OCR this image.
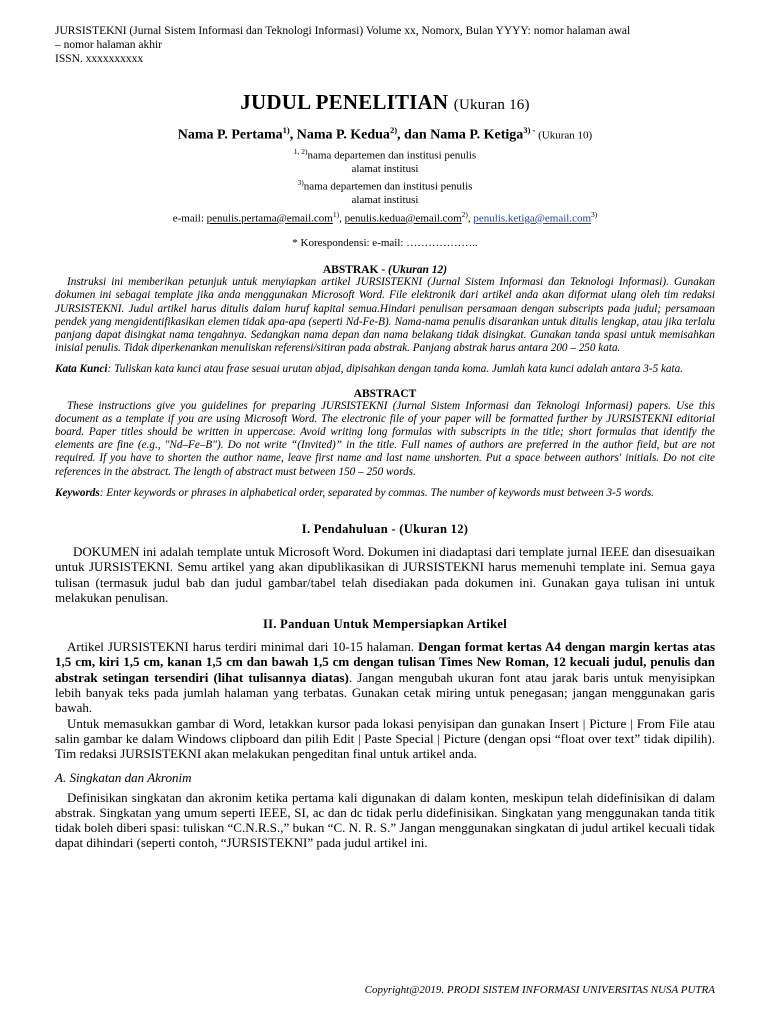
JURSISTEKNI (Jurnal Sistem Informasi dan Teknologi Informasi) Volume xx, Nomorx, Bulan YYYY: nomor halaman awal
– nomor halaman akhir
ISSN. xxxxxxxxxx
JUDUL PENELITIAN (Ukuran 16)
Nama P. Pertama$^{1)}$, Nama P. Kedua$^{2)}$, dan Nama P. Ketiga$^{3)}$ - (Ukuran 10)
$^{1, 2)}$nama departemen dan institusi penulis
alamat institusi
$^{3)}$nama departemen dan institusi penulis
alamat institusi
e-mail: penulis.pertama@email.com$^{1)}$, penulis.kedua@email.com$^{2)}$, penulis.ketiga@email.com$^{3)}$
* Korespondensi: e-mail: ………………..
ABSTRAK - (Ukuran 12)

Instruksi ini memberikan petunjuk untuk menyiapkan artikel JURSISTEKNI (Jurnal Sistem Informasi dan Teknologi Informasi). Gunakan dokumen ini sebagai template jika anda menggunakan Microsoft Word. File elektronik dari artikel anda akan diformat ulang oleh tim redaksi JURSISTEKNI. Judul artikel harus ditulis dalam huruf kapital semua.Hindari penulisan persamaan dengan subscripts pada judul; persamaan pendek yang mengidentifikasikan elemen tidak apa-apa (seperti Nd-Fe-B). Nama-nama penulis disarankan untuk ditulis lengkap, atau jika terlalu panjang dapat disingkat nama tengahnya. Sedangkan nama depan dan nama belakang tidak disingkat. Gunakan tanda spasi untuk memisahkan inisial penulis. Tidak diperkenankan menuliskan referensi/sitiran pada abstrak. Panjang abstrak harus antara 200 – 250 kata.

Kata Kunci: Tuliskan kata kunci atau frase sesuai urutan abjad, dipisahkan dengan tanda koma. Jumlah kata kunci adalah antara 3-5 kata.

ABSTRACT

These instructions give you guidelines for preparing JURSISTEKNI (Jurnal Sistem Informasi dan Teknologi Informasi) papers. Use this document as a template if you are using Microsoft Word. The electronic file of your paper will be formatted further by JURSISTEKNI editorial board. Paper titles should be written in uppercase. Avoid writing long formulas with subscripts in the title; short formulas that identify the elements are fine (e.g., "Nd–Fe–B"). Do not write “(Invited)” in the title. Full names of authors are preferred in the author field, but are not required. If you have to shorten the author name, leave first name and last name unshorten. Put a space between authors' initials. Do not cite references in the abstract. The length of abstract must between 150 – 250 words.

Keywords: Enter keywords or phrases in alphabetical order, separated by commas. The number of keywords must between 3-5 words.

I. Pendahuluan - (Ukuran 12)

DOKUMEN ini adalah template untuk Microsoft Word. Dokumen ini diadaptasi dari template jurnal IEEE dan disesuaikan untuk JURSISTEKNI. Semu artikel yang akan dipublikasikan di JURSISTEKNI harus memenuhi template ini. Semua gaya tulisan (termasuk judul bab dan judul gambar/tabel telah disediakan pada dokumen ini. Gunakan gaya tulisan ini untuk melakukan penulisan.

II. Panduan Untuk Mempersiapkan Artikel

Artikel JURSISTEKNI harus terdiri minimal dari 10-15 halaman. Dengan format kertas A4 dengan margin kertas atas 1,5 cm, kiri 1,5 cm, kanan 1,5 cm dan bawah 1,5 cm dengan tulisan Times New Roman, 12 kecuali judul, penulis dan abstrak setingan tersendiri (lihat tulisannya diatas). Jangan mengubah ukuran font atau jarak baris untuk menyisipkan lebih banyak teks pada jumlah halaman yang terbatas. Gunakan cetak miring untuk penegasan; jangan menggunakan garis bawah.

Untuk memasukkan gambar di Word, letakkan kursor pada lokasi penyisipan dan gunakan Insert | Picture | From File atau salin gambar ke dalam Windows clipboard dan pilih Edit | Paste Special | Picture (dengan opsi “float over text” tidak dipilih). Tim redaksi JURSISTEKNI akan melakukan pengeditan final untuk artikel anda.

A. Singkatan dan Akronim

Definisikan singkatan dan akronim ketika pertama kali digunakan di dalam konten, meskipun telah didefinisikan di dalam abstrak. Singkatan yang umum seperti IEEE, SI, ac dan dc tidak perlu didefinisikan. Singkatan yang menggunakan tanda titik tidak boleh diberi spasi: tuliskan “C.N.R.S.,” bukan “C. N. R. S.” Jangan menggunakan singkatan di judul artikel kecuali tidak dapat dihindari (seperti contoh, “JURSISTEKNI” pada judul artikel ini.

Copyright@2019. PRODI SISTEM INFORMASI UNIVERSITAS NUSA PUTRA
